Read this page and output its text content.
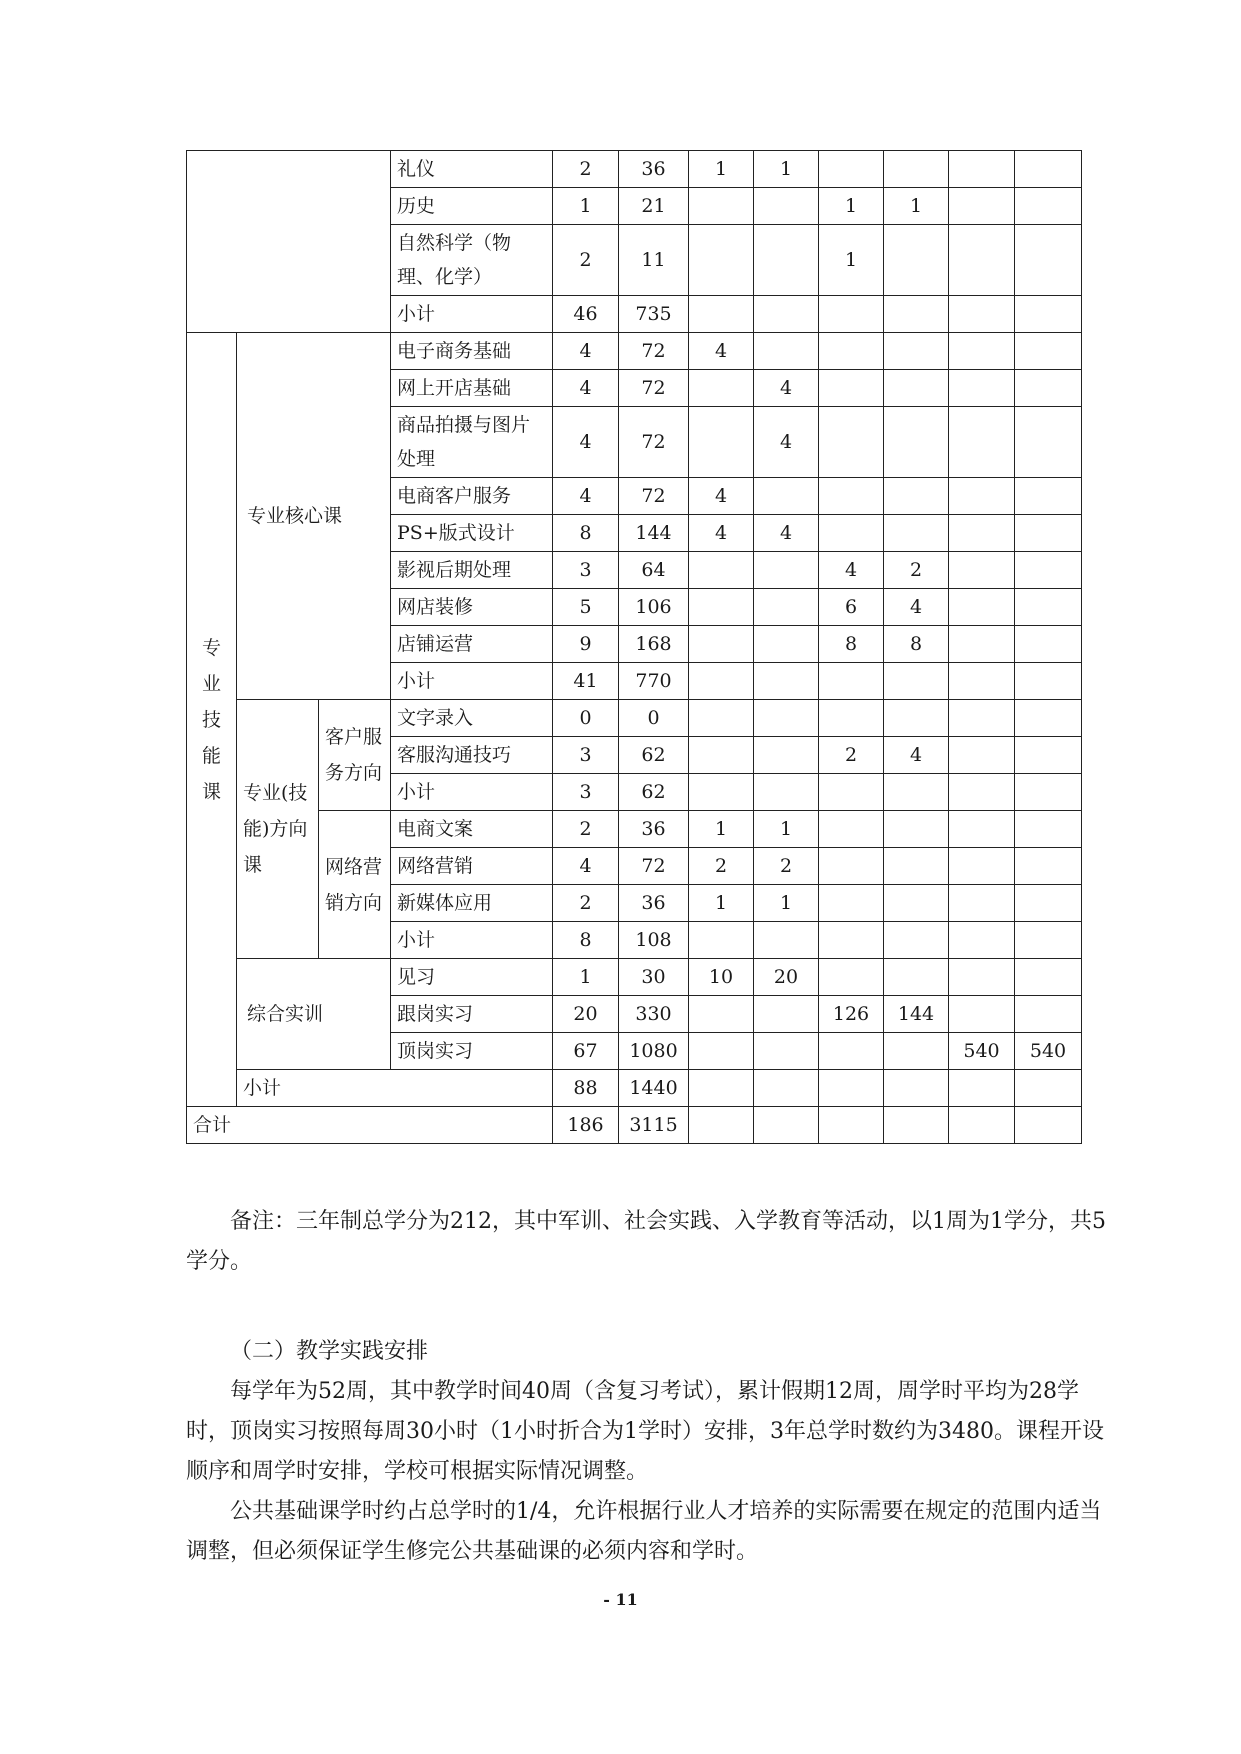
			礼仪	2	36	1	1				
			历史	1	21			1	1		
			自然科学（物理、化学）	2	11			1			
			小计	46	735						

专业技能课	专业核心课		电子商务基础	4	72	4					
			网上开店基础	4	72		4				
			商品拍摄与图片处理	4	72		4				
			电商客户服务	4	72	4					
			PS+版式设计	8	144	4	4				
			影视后期处理	3	64			4	2		
			网店装修	5	106			6	4		
			店铺运营	9	168			8	8		
			小计	41	770						
	专业(技能)方向课	客户服务方向	文字录入	0	0						
			客服沟通技巧	3	62			2	4		
			小计	3	62						
		网络营销方向	电商文案	2	36	1	1				
			网络营销	4	72	2	2				
			新媒体应用	2	36	1	1				
			小计	8	108						
	综合实训		见习	1	30	10	20				
			跟岗实习	20	330			126	144		
			顶岗实习	67	1080					540	540
	小计			88	1440						
合计				186	3115						
备注：三年制总学分为212，其中军训、社会实践、入学教育等活动，以1周为1学分，共5学分。
（二）教学实践安排
每学年为52周，其中教学时间40周（含复习考试），累计假期12周，周学时平均为28学时，顶岗实习按照每周30小时（1小时折合为1学时）安排，3年总学时数约为3480。课程开设顺序和周学时安排，学校可根据实际情况调整。
公共基础课学时约占总学时的1/4，允许根据行业人才培养的实际需要在规定的范围内适当调整，但必须保证学生修完公共基础课的必须内容和学时。
- 11
